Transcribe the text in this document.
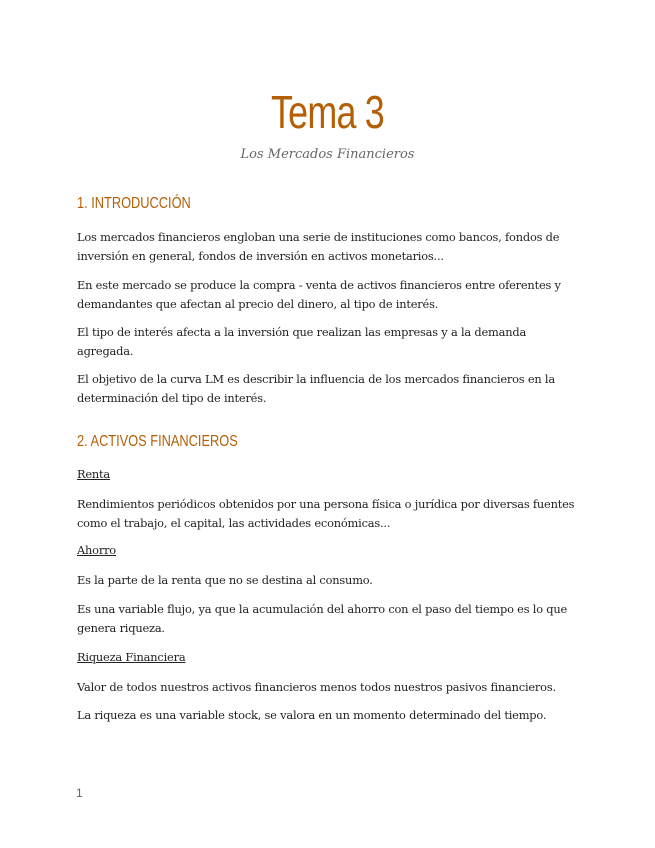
Tema 3
Los Mercados Financieros
1. INTRODUCCIÓN
Los mercados financieros engloban una serie de instituciones como bancos, fondos de inversión en general, fondos de inversión en activos monetarios...
En este mercado se produce la compra - venta de activos financieros entre oferentes y demandantes que afectan al precio del dinero, al tipo de interés.
El tipo de interés afecta a la inversión que realizan las empresas y a la demanda agregada.
El objetivo de la curva LM es describir la influencia de los mercados financieros en la determinación del tipo de interés.
2. ACTIVOS FINANCIEROS
Renta
Rendimientos periódicos obtenidos por una persona física o jurídica por diversas fuentes como el trabajo, el capital, las actividades económicas...
Ahorro
Es la parte de la renta que no se destina al consumo.
Es una variable flujo, ya que la acumulación del ahorro con el paso del tiempo es lo que genera riqueza.
Riqueza Financiera
Valor de todos nuestros activos financieros menos todos nuestros pasivos financieros.
La riqueza es una variable stock, se valora en un momento determinado del tiempo.
1
